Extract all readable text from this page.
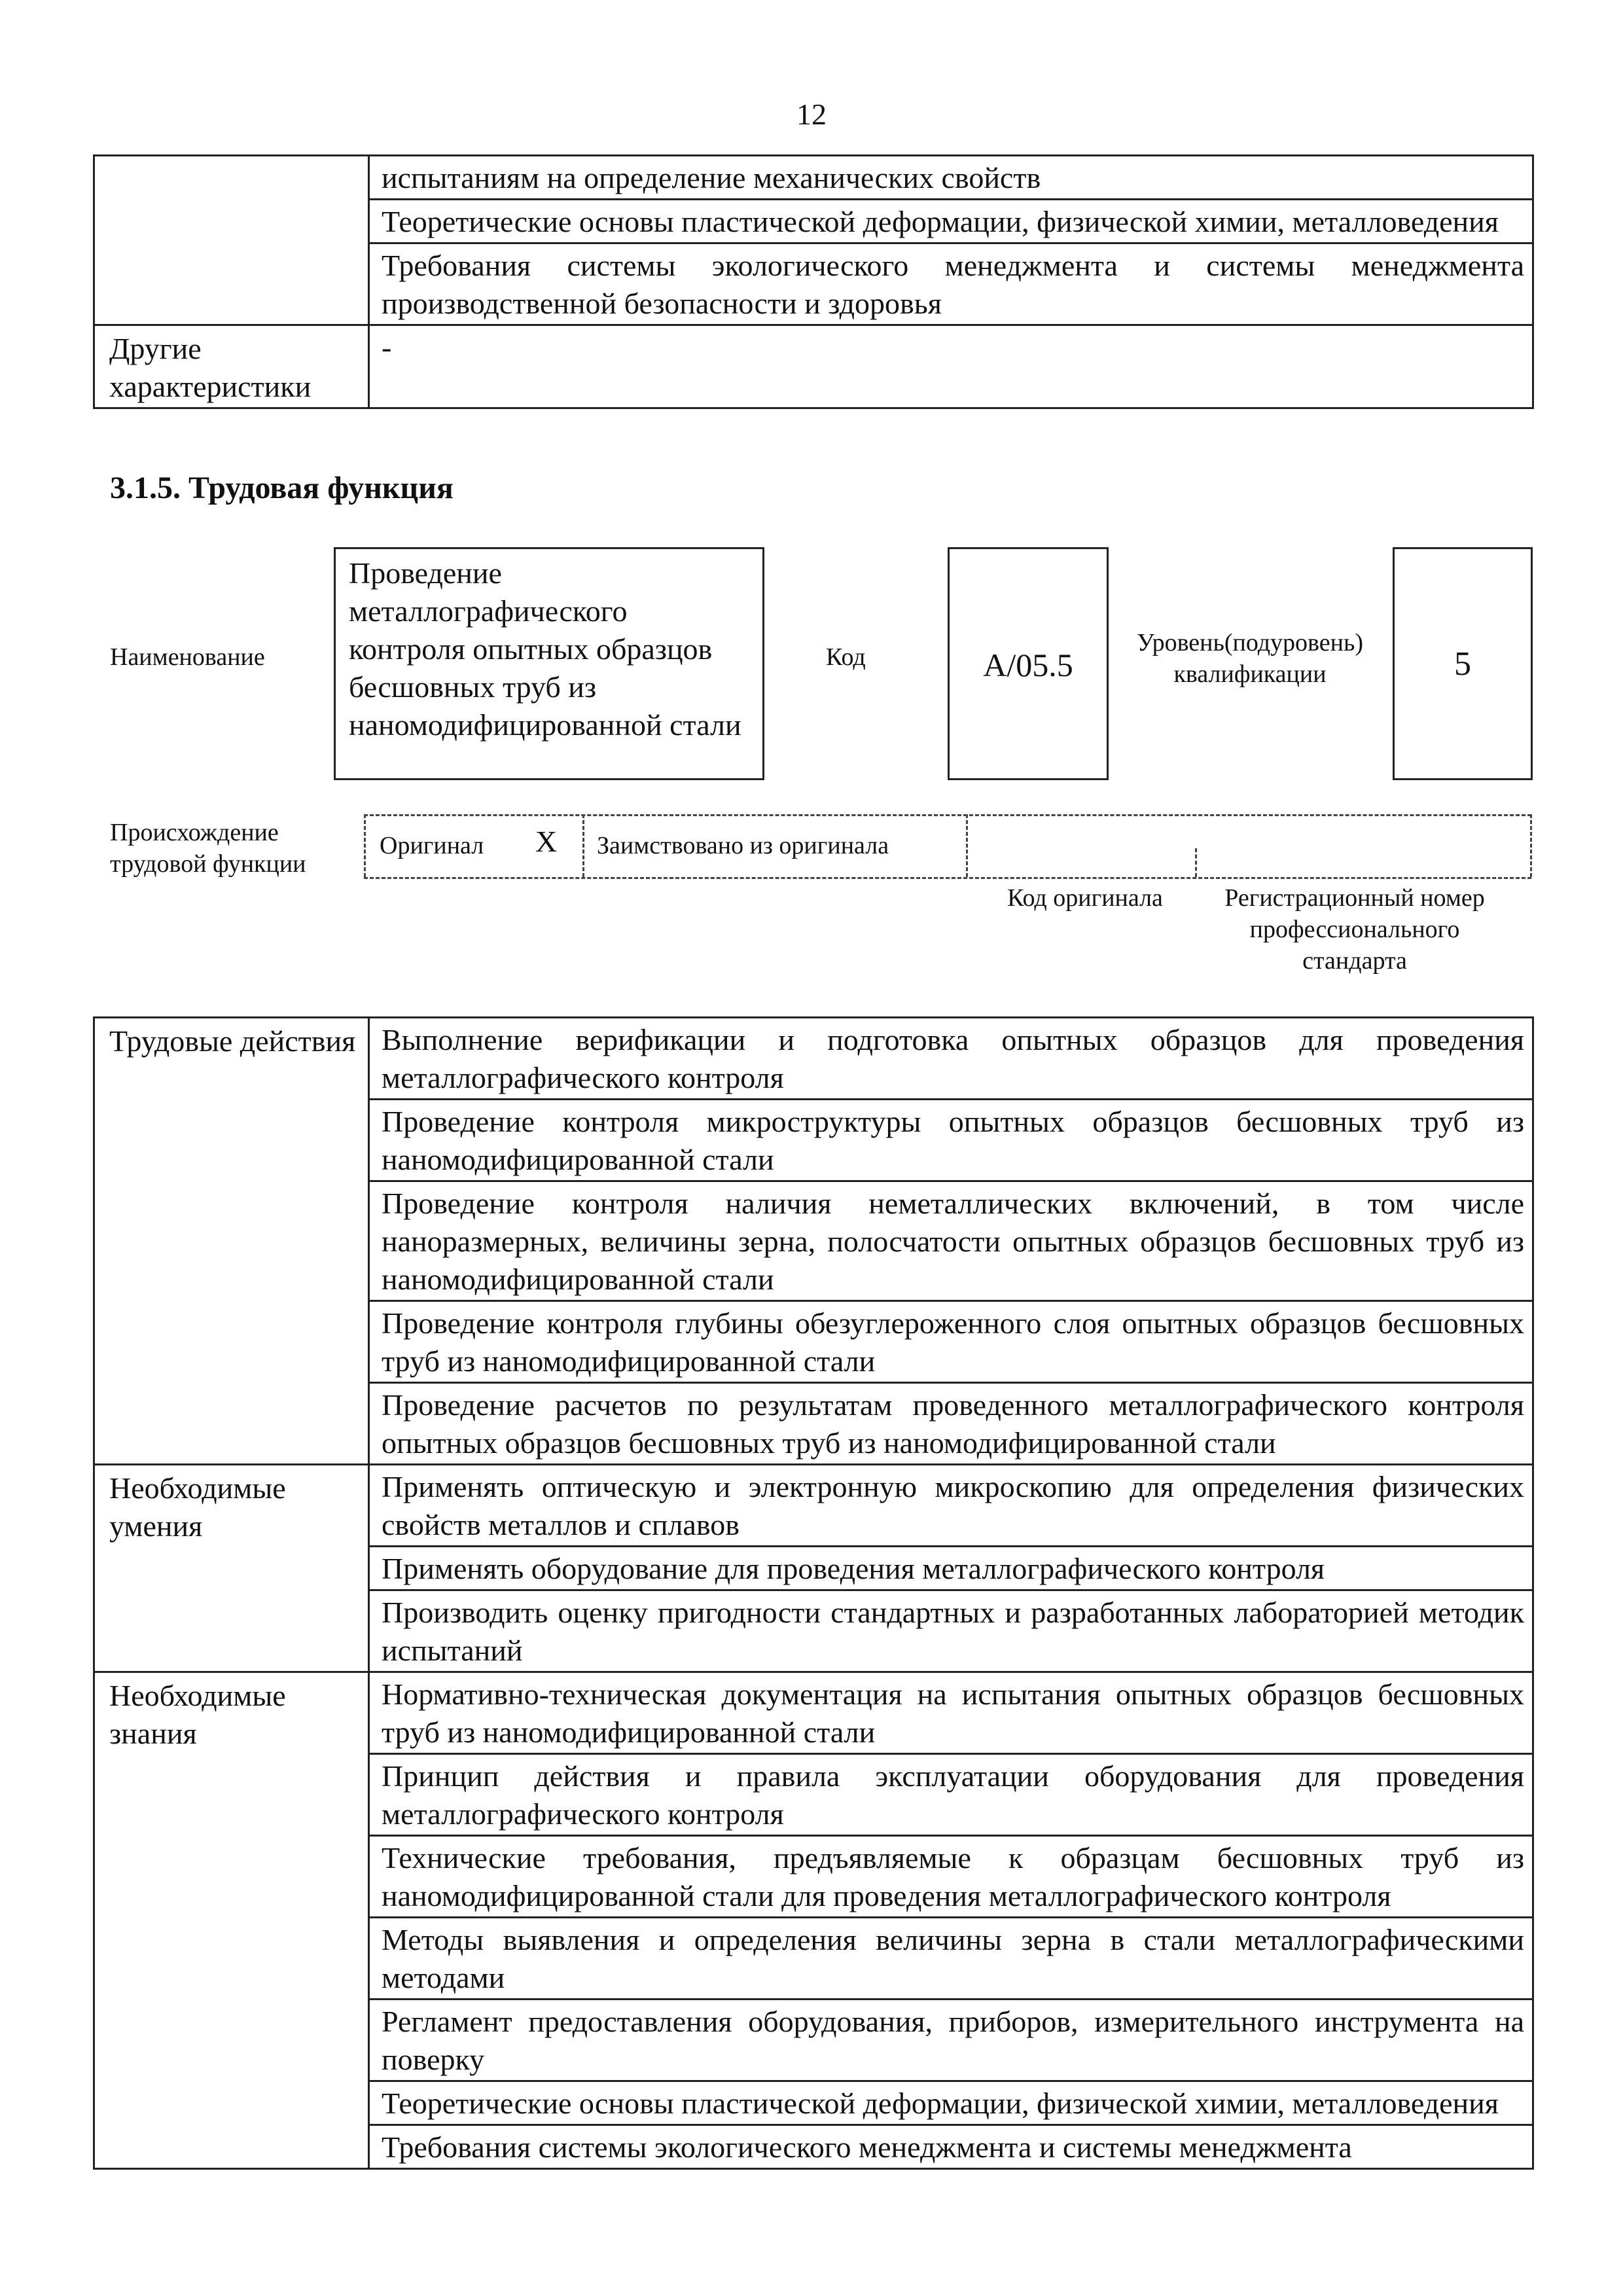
12
	испытаниям на определение механических свойств
	Теоретические основы пластической деформации, физической химии, металловедения
	Требования системы экологического менеджмента и системы менеджмента производственной безопасности и здоровья
Другие характеристики	-
3.1.5. Трудовая функция
Наименование
Проведение металлографического контроля опытных образцов бесшовных труб из наномодифицированной стали
Код	А/05.5
Уровень(подуровень) квалификации	5
Происхождение трудовой функции
Оригинал X Заимствовано из оригинала
Код оригинала	Регистрационный номер профессионального стандарта
Трудовые действия	Выполнение верификации и подготовка опытных образцов для проведения металлографического контроля
	Проведение контроля микроструктуры опытных образцов бесшовных труб из наномодифицированной стали
	Проведение контроля наличия неметаллических включений, в том числе наноразмерных, величины зерна, полосчатости опытных образцов бесшовных труб из наномодифицированной стали
	Проведение контроля глубины обезуглероженного слоя опытных образцов бесшовных труб из наномодифицированной стали
	Проведение расчетов по результатам проведенного металлографического контроля опытных образцов бесшовных труб из наномодифицированной стали
Необходимые умения	Применять оптическую и электронную микроскопию для определения физических свойств металлов и сплавов
	Применять оборудование для проведения металлографического контроля
	Производить оценку пригодности стандартных и разработанных лабораторией методик испытаний
Необходимые знания	Нормативно-техническая документация на испытания опытных образцов бесшовных труб из наномодифицированной стали
	Принцип действия и правила эксплуатации оборудования для проведения металлографического контроля
	Технические требования, предъявляемые к образцам бесшовных труб из наномодифицированной стали для проведения металлографического контроля
	Методы выявления и определения величины зерна в стали металлографическими методами
	Регламент предоставления оборудования, приборов, измерительного инструмента на поверку
	Теоретические основы пластической деформации, физической химии, металловедения
	Требования системы экологического менеджмента и системы менеджмента
